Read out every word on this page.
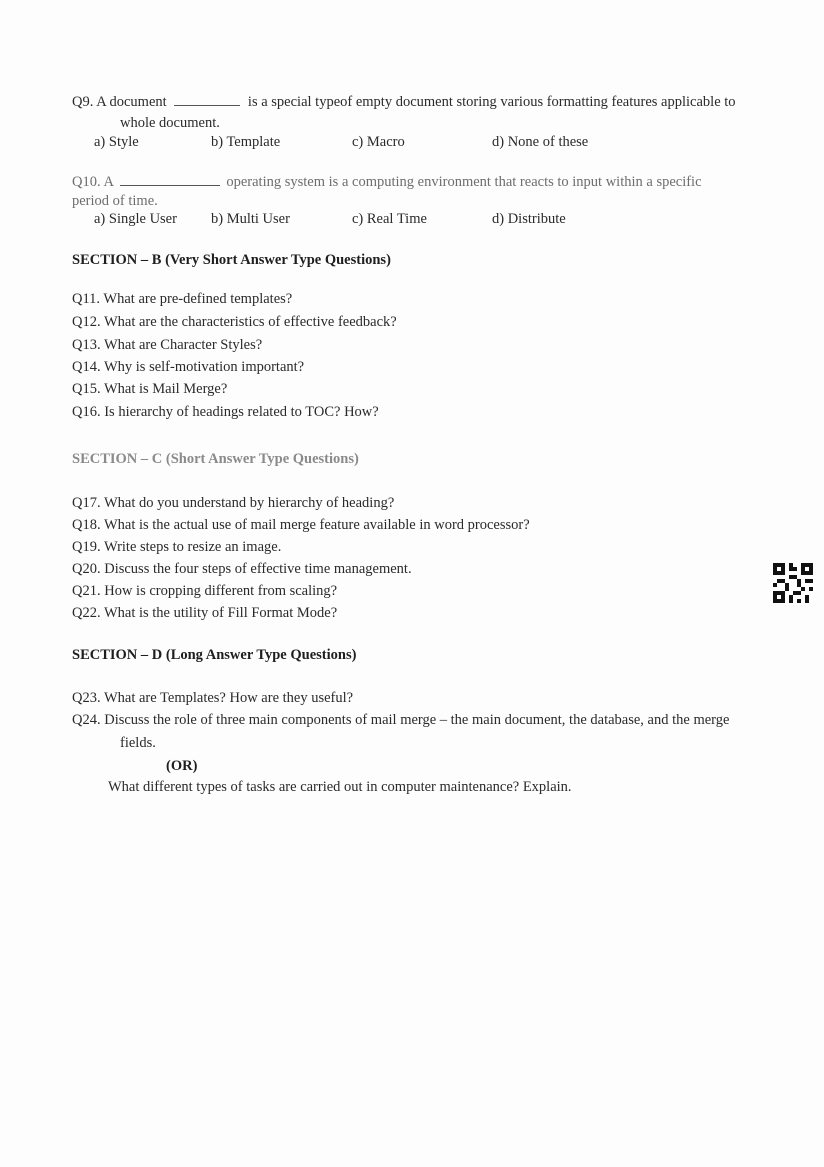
Q9. A document	is a special typeof empty document storing various formatting features applicable to
whole document.
a) Style	b) Template	c) Macro	d) None of these
Q10. A	operating system is a computing environment that reacts to input within a specific
period of time.
a) Single User b) Multi User	c) Real Time	d) Distribute
SECTION – B (Very Short Answer Type Questions)
Q11. What are pre-defined templates?
Q12. What are the characteristics of effective feedback?
Q13. What are Character Styles?
Q14. Why is self-motivation important?
Q15. What is Mail Merge?
Q16. Is hierarchy of headings related to TOC? How?
SECTION – C (Short Answer Type Questions)
Q17. What do you understand by hierarchy of heading?
Q18. What is the actual use of mail merge feature available in word processor?
Q19. Write steps to resize an image.
Q20. Discuss the four steps of effective time management.
Q21. How is cropping different from scaling?
Q22. What is the utility of Fill Format Mode?
SECTION – D (Long Answer Type Questions)
Q23. What are Templates? How are they useful?
Q24. Discuss the role of three main components of mail merge – the main document, the database, and the merge
fields.
(OR)
What different types of tasks are carried out in computer maintenance? Explain.
